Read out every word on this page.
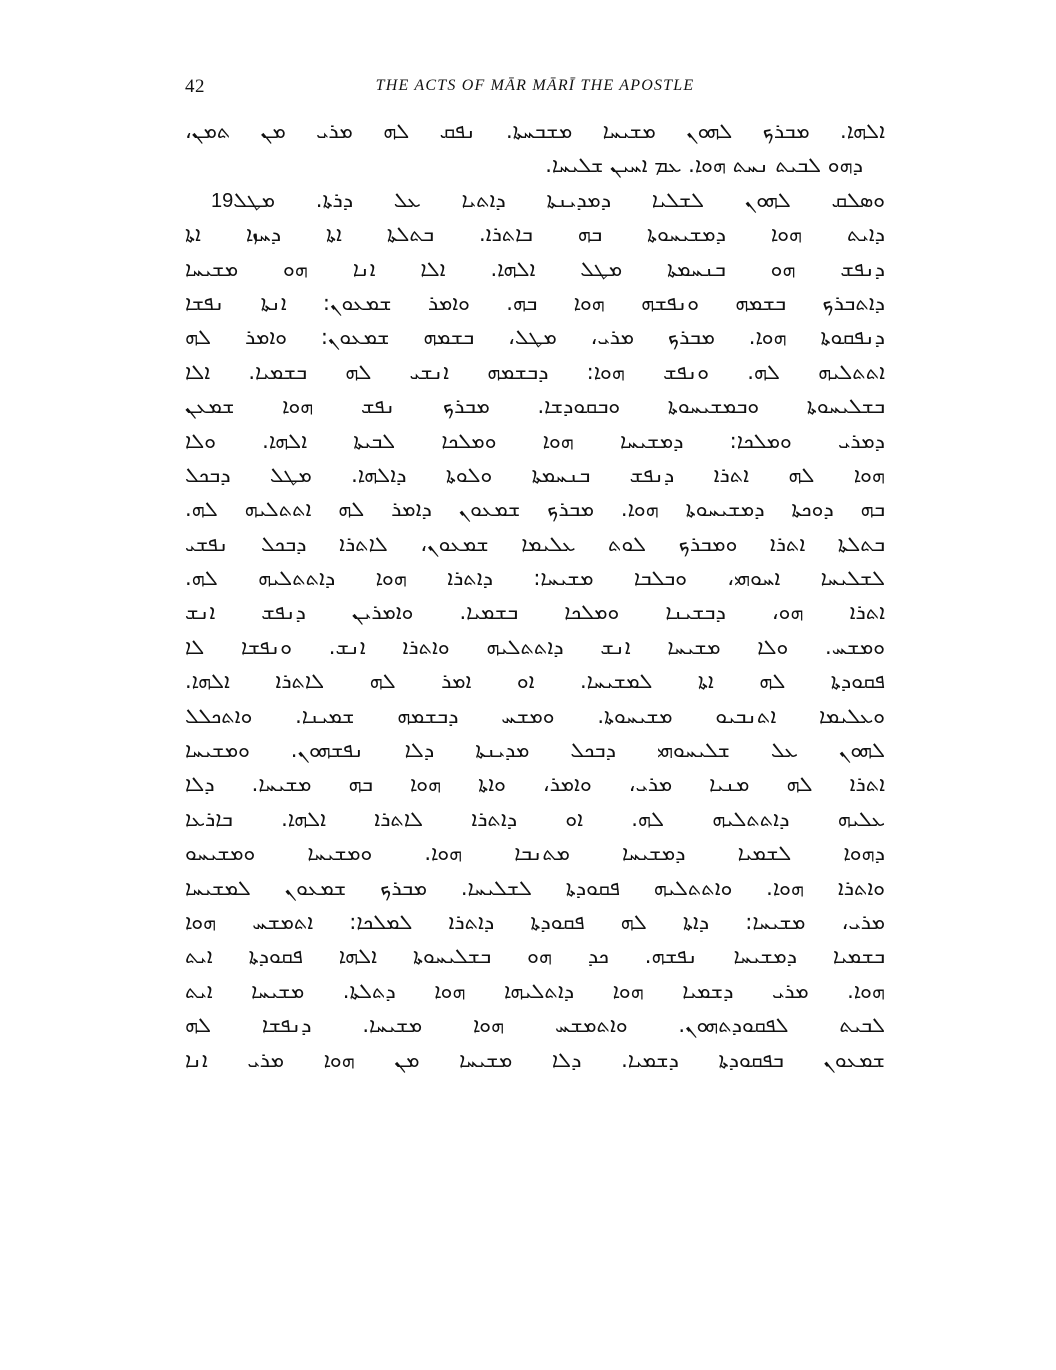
42	THE ACTS OF MĀR MĀRĪ THE APOSTLE
ܐܠܗܐ. ܡܒܪܟ ܠܗܘܢ ܡܫܝܚܐ ܡܫܒܚܬܐ. ܢܦܩ ܠܗ ܡܪܝ ܡܢ ܬܡܢ،
ܕܗܘ ܠܒܝܬ ܢܚܬ ܗܘܐ. ܥܡ ܐܚܝܢ ܫܠܝܚܐ.
ܘܣܠܩ ܠܗܘܢ ܠܫܠܝܐ ܕܡܕܝܢܬܐ ܕܐܬܝܐ ܥܠ ܕܪܬܐ. ܡܛܠ19
ܕܐܝܬ ܗܘܐ ܕܡܫܝܚܘܬܐ ܒܗ ܒܐܬܪܐ. ܒܬܠܬܐ ܐܬܐ ܕܚܙܐ ܐܬܐ
ܕܢܦܫ ܗܘ ܒܢܚܡܬܐ ܡܛܠ ܐܠܗܐ. ܐܠܐ ܐܢܐ ܗܘ ܡܫܝܚܐ
ܕܐܬܒܪܟ ܒܫܡܗ ܘܢܦܫܗ ܗܘܐ ܒܗ. ܘܐܡܪ ܫܡܥܘܢ: ܐܢܬܐ ܢܦܫܐ
ܕܢܦܩܘܬܐ ܗܘܐ. ܡܒܪܟ ܡܪܝ، ܡܛܠ، ܒܫܡܗ ܫܡܥܘܢ: ܘܐܡܪ ܠܗ
ܐܬܬܠܝܗ ܠܗ. ܘܢܦܫ ܗܘܐ: ܕܒܫܡܗ ܐܢܫܝ ܠܗ ܒܫܡܝܐ. ܐܠܐ
ܒܫܠܝܚܘܬܐ ܘܒܡܫܝܚܘܬܐ ܘܒܩܘܕܫܐ. ܡܒܪܟ ܢܦܫ ܗܘܐ ܫܡܥܢ
ܕܡܪܝ ܘܡܠܟܐ: ܕܡܫܝܚܐ ܗܘܐ ܘܡܠܟܐ ܠܒܝܬܐ ܐܠܗܐ. ܘܠܐ
ܗܘܐ ܠܗ ܐܬܪܐ ܕܢܦܫ ܒܢܚܡܬܐ ܘܠܘܬܐ ܕܐܠܗܐ. ܡܛܠ ܕܒܟܠ
ܒܗ ܕܘܟܬܐ ܕܡܫܝܚܘܬܐ ܗܘܐ. ܡܒܪܟ ܫܡܥܘܢ ܕܐܡܪ ܠܗ ܐܬܬܠܝܗ ܠܗ.
ܒܬܠܬܐ ܐܬܪܐ ܘܡܒܪܟ ܠܘܬ ܥܠܝܡܐ ܫܡܥܘܢ، ܠܐܬܪܐ ܕܒܟܠ ܢܦܫܝ
ܠܫܠܝܚܐ ܐܚܘܗܝ، ܘܒܠܒܐ ܡܫܝܚܐ: ܕܐܬܪܐ ܗܘܐ ܕܐܬܬܠܝܗ ܠܗ.
ܐܬܪܐ ܗܘ، ܕܒܫܝܢܐ ܘܡܠܟܐ ܒܫܡܝܐ. ܘܐܡܪܝܢ ܕܢܦܫ ܐܢܫ
ܘܡܫܚ. ܘܠܐ ܡܫܝܚܐ ܐܢܫ ܕܐܬܬܠܝܗ ܘܐܬܪܐ ܐܢܫ. ܘܢܦܫܐ ܠܐ
ܦܩܘܕܬܐ ܠܗ ܐܬܐ ܠܡܫܝܚܐ. ܐܘ ܐܡܪ ܠܗ ܠܐܬܪܐ ܐܠܗܐ.
ܘܥܠܝܡܐ ܐܬܢܒܝܘ ܡܫܝܚܘܬܐ. ܘܡܫܚ ܕܒܫܡܗ ܫܡܝܢܐ. ܘܐܬܟܠܠ
ܠܗܘܢ ܥܠ ܫܠܝܚܘܗܝ ܕܒܟܠ ܡܕܝܢܬܐ ܕܠܐ ܢܦܫܗܘܢ. ܘܡܫܝܚܐ
ܐܬܪܐ ܠܗ ܡܢܝܐ ܡܪܝ، ܘܐܡܪ، ܘܐܬܐ ܗܘܐ ܒܗ ܡܫܝܚܐ. ܕܠܐ
ܥܠܝܗ ܕܐܬܬܠܝܗ ܠܗ. ܐܘ ܕܐܬܪܐ ܠܐܬܪܐ ܐܠܗܐ. ܒܐܪܥܐ
ܕܗܘܐ ܠܫܡܝܐ ܕܡܫܝܚܐ ܡܬܢܒܐ ܗܘܐ. ܘܡܫܝܚܐ ܘܡܫܝܚܘ
ܘܐܬܪܐ ܗܘܐ. ܘܐܬܬܠܝܗ ܦܩܘܕܬܐ ܠܫܠܝܚܐ. ܡܒܪܟ ܫܡܥܘܢ ܠܡܫܝܚܐ
ܡܪܝ، ܡܫܝܚܐ: ܕܐܬܐ ܠܗ ܦܩܘܕܬܐ ܕܐܬܪܐ ܠܡܠܟܐ: ܐܬܡܫܚ ܗܘܐ
ܒܫܡܝܐ ܕܡܫܝܚܐ ܢܦܫܗ. ܟܕ ܗܘ ܒܫܠܝܚܘܬܐ ܐܠܗܐ ܦܩܘܕܬܐ ܐܝܬ
ܗܘܐ. ܡܪܝ ܕܫܡܝܐ ܗܘܐ ܕܐܬܠܝܗܐ ܗܘܐ ܕܬܠܬܐ. ܡܫܝܚܐ ܐܝܬ
ܠܒܝܬ ܠܦܩܘܕܬܗܘܢ. ܘܐܬܡܫܚ ܗܘܐ ܡܫܝܚܐ. ܕܢܦܫܐ ܠܗ
ܫܡܥܘܢ ܒܦܩܘܕܬܐ ܕܫܡܝܐ. ܕܠܐ ܡܫܝܚܐ ܡܢ ܗܘܐ ܡܪܝ ܐܢܐ
